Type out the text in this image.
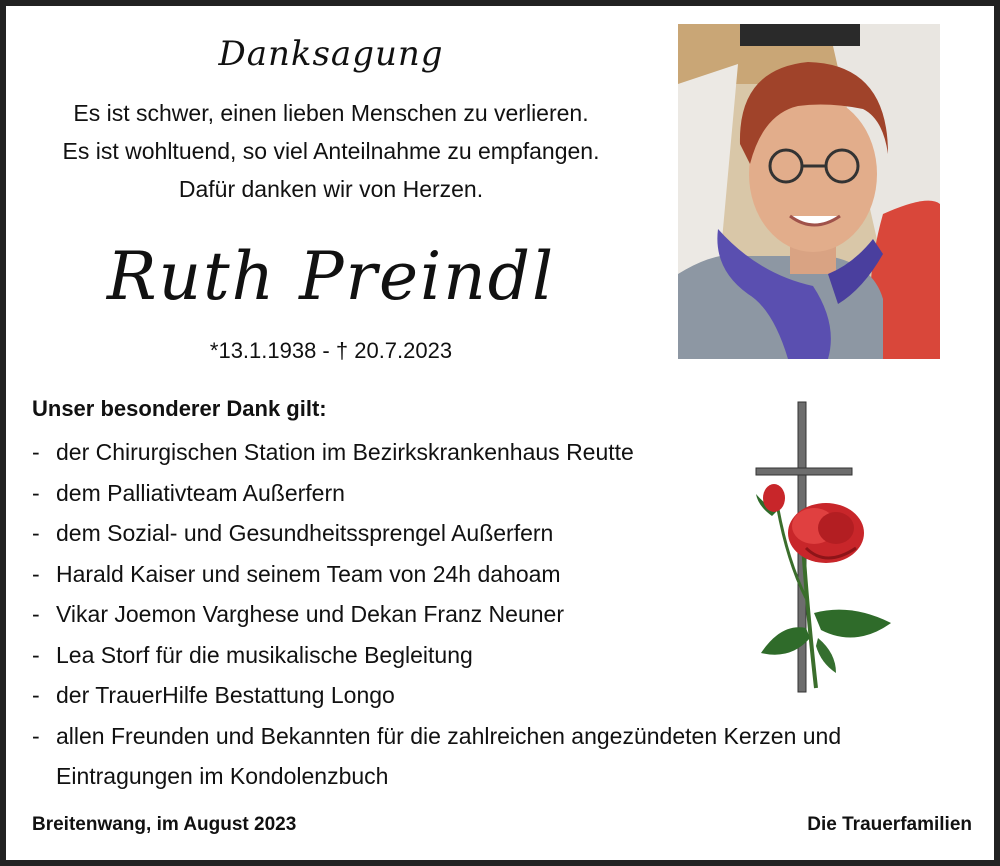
Danksagung
Es ist schwer, einen lieben Menschen zu verlieren.
Es ist wohltuend, so viel Anteilnahme zu empfangen.
Dafür danken wir von Herzen.
Ruth Preindl
*13.1.1938 - † 20.7.2023
Unser besonderer Dank gilt:
- der Chirurgischen Station im Bezirkskrankenhaus Reutte
- dem Palliativteam Außerfern
- dem Sozial- und Gesundheitssprengel Außerfern
- Harald Kaiser und seinem Team von 24h dahoam
- Vikar Joemon Varghese und Dekan Franz Neuner
- Lea Storf für die musikalische Begleitung
- der TrauerHilfe Bestattung Longo
- allen Freunden und Bekannten für die zahlreichen angezündeten Kerzen und Eintragungen im Kondolenzbuch
Breitenwang, im August 2023	Die Trauerfamilien
